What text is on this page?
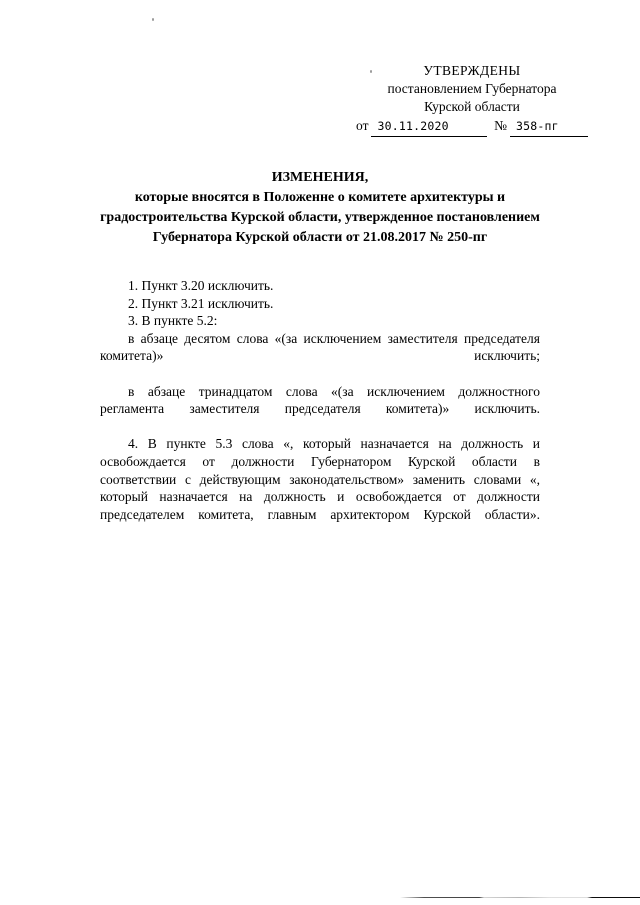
УТВЕРЖДЕНЫ
постановлением Губернатора
Курской области
от 30.11.2020	№ 358-пг
ИЗМЕНЕНИЯ,
которые вносятся в Положенне о комитете архитектуры и
градостроительства Курской области, утвержденное постановлением
Губернатора Курской области от 21.08.2017 № 250-пг

1. Пункт 3.20 исключить.

2. Пункт 3.21 исключить.

3. В пункте 5.2:

в абзаце десятом слова «(за исключением заместителя председателя комитета)» исключить;

в абзаце тринадцатом слова «(за исключением должностного регламента заместителя председателя комитета)» исключить.

4. В пункте 5.3 слова «, который назначается на должность и освобождается от должности Губернатором Курской области в соответствии с действующим законодательством» заменить словами «, который назначается на должность и освобождается от должности председателем комитета, главным архитектором Курской области».
